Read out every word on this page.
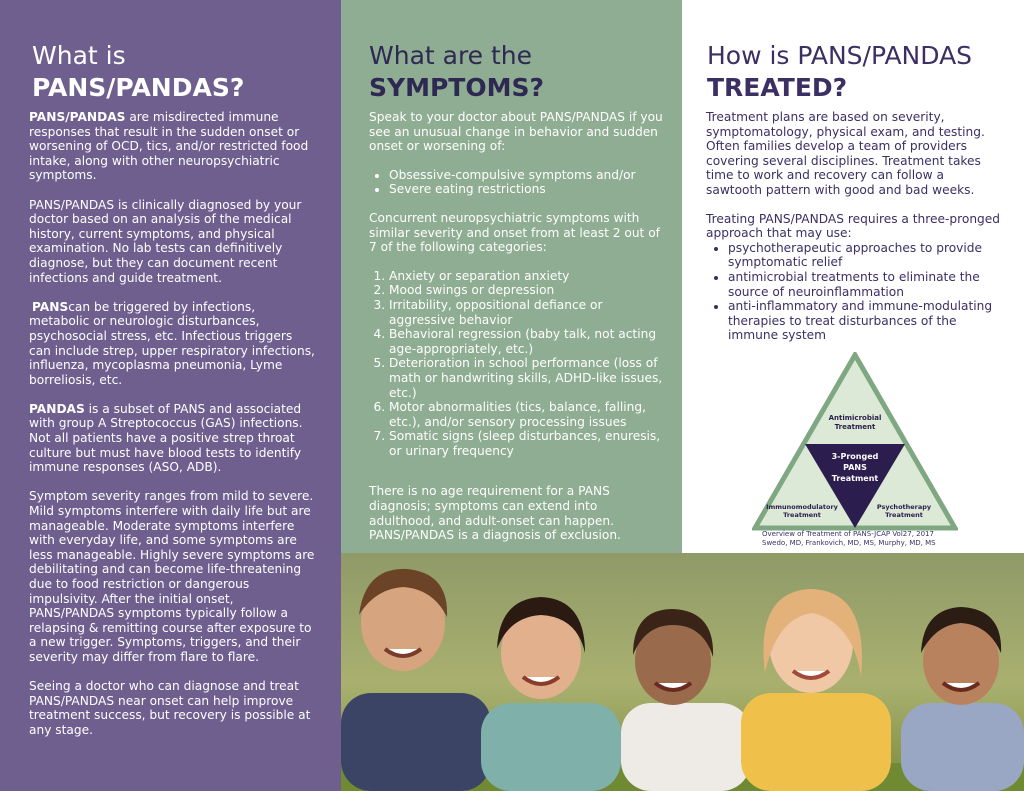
What is
PANS/PANDAS?

PANS/PANDAS are misdirected immune responses that result in the sudden onset or worsening of OCD, tics, and/or restricted food intake, along with other neuropsychiatric symptoms.

PANS/PANDAS is clinically diagnosed by your doctor based on an analysis of the medical history, current symptoms, and physical examination. No lab tests can definitively diagnose, but they can document recent infections and guide treatment.

PANScan be triggered by infections, metabolic or neurologic disturbances, psychosocial stress, etc. Infectious triggers can include strep, upper respiratory infections, influenza, mycoplasma pneumonia, Lyme borreliosis, etc.

PANDAS is a subset of PANS and associated with group A Streptococcus (GAS) infections. Not all patients have a positive strep throat culture but must have blood tests to identify immune responses (ASO, ADB).

Symptom severity ranges from mild to severe. Mild symptoms interfere with daily life but are manageable. Moderate symptoms interfere with everyday life, and some symptoms are less manageable. Highly severe symptoms are debilitating and can become life-threatening due to food restriction or dangerous impulsivity. After the initial onset, PANS/PANDAS symptoms typically follow a relapsing & remitting course after exposure to a new trigger. Symptoms, triggers, and their severity may differ from flare to flare.

Seeing a doctor who can diagnose and treat PANS/PANDAS near onset can help improve treatment success, but recovery is possible at any stage.

What are the
SYMPTOMS?

Speak to your doctor about PANS/PANDAS if you see an unusual change in behavior and sudden onset or worsening of:

• Obsessive-compulsive symptoms and/or
• Severe eating restrictions

Concurrent neuropsychiatric symptoms with similar severity and onset from at least 2 out of 7 of the following categories:

1. Anxiety or separation anxiety
2. Mood swings or depression
3. Irritability, oppositional defiance or aggressive behavior
4. Behavioral regression (baby talk, not acting age-appropriately, etc.)
5. Deterioration in school performance (loss of math or handwriting skills, ADHD-like issues, etc.)
6. Motor abnormalities (tics, balance, falling, etc.), and/or sensory processing issues
7. Somatic signs (sleep disturbances, enuresis, or urinary frequency

There is no age requirement for a PANS diagnosis; symptoms can extend into adulthood, and adult-onset can happen. PANS/PANDAS is a diagnosis of exclusion.

How is PANS/PANDAS
TREATED?

Treatment plans are based on severity, symptomatology, physical exam, and testing. Often families develop a team of providers covering several disciplines. Treatment takes time to work and recovery can follow a sawtooth pattern with good and bad weeks.

Treating PANS/PANDAS requires a three-pronged approach that may use:

• psychotherapeutic approaches to provide symptomatic relief
• antimicrobial treatments to eliminate the source of neuroinflammation
• anti-inflammatory and immune-modulating therapies to treat disturbances of the immune system
Antimicrobial
Treatment
3-Pronged
PANS
Treatment
Immunomodulatory
Treatment
Psychotherapy
Treatment
Overview of Treatment of PANS-JCAP Vol27, 2017
Swedo, MD, Frankovich, MD, MS, Murphy, MD, MS
